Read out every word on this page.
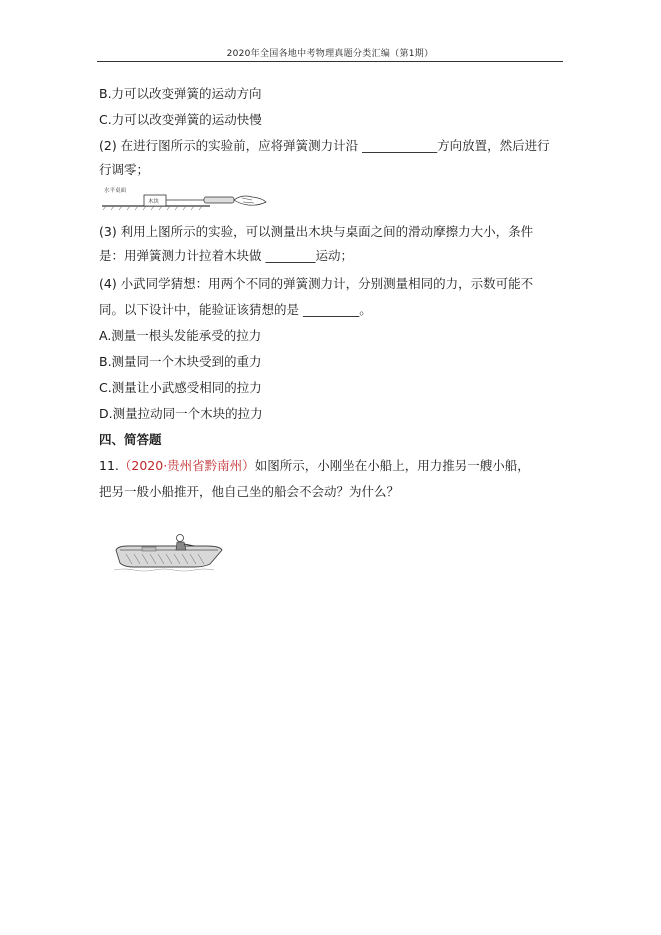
2020年全国各地中考物理真题分类汇编（第1期）
B.力可以改变弹簧的运动方向
C.力可以改变弹簧的运动快慢
(2) 在进行图所示的实验前，应将弹簧测力计沿 ____________方向放置，然后进行
行调零；
水平桌面
木块
(3) 利用上图所示的实验，可以测量出木块与桌面之间的滑动摩擦力大小，条件
是：用弹簧测力计拉着木块做 ________运动；
(4) 小武同学猜想：用两个不同的弹簧测力计，分别测量相同的力，示数可能不
同。以下设计中，能验证该猜想的是 _________。
A.测量一根头发能承受的拉力
B.测量同一个木块受到的重力
C.测量让小武感受相同的拉力
D.测量拉动同一个木块的拉力
四、简答题
11.（2020·贵州省黔南州）如图所示，小刚坐在小船上，用力推另一艘小船，
把另一般小船推开，他自己坐的船会不会动？为什么？
